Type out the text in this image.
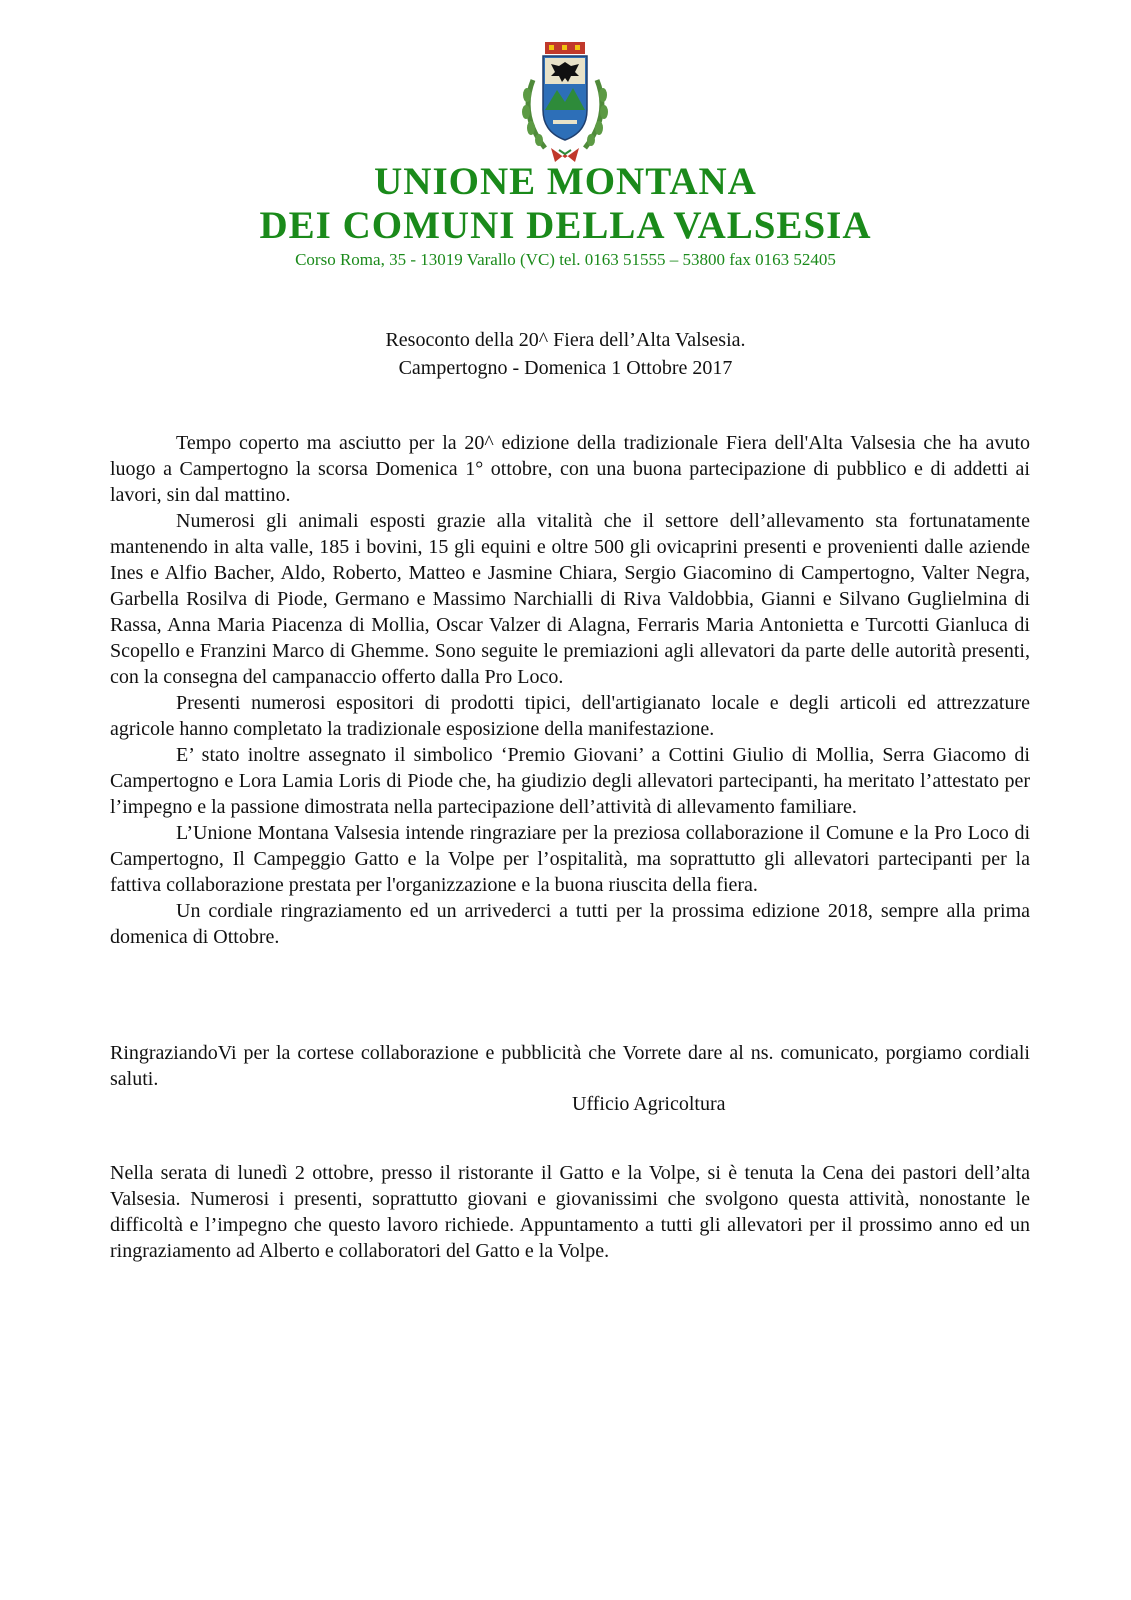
UNIONE MONTANA
DEI COMUNI DELLA VALSESIA
Corso Roma, 35 - 13019 Varallo (VC) tel. 0163 51555 – 53800 fax 0163 52405
Resoconto della 20^ Fiera dell’Alta Valsesia.
Campertogno - Domenica 1 Ottobre 2017

Tempo coperto ma asciutto per la 20^ edizione della tradizionale Fiera dell'Alta Valsesia che ha avuto luogo a Campertogno la scorsa Domenica 1° ottobre, con una buona partecipazione di pubblico e di addetti ai lavori, sin dal mattino.

Numerosi gli animali esposti grazie alla vitalità che il settore dell’allevamento sta fortunatamente mantenendo in alta valle, 185 i bovini, 15 gli equini e oltre 500 gli ovicaprini presenti e provenienti dalle aziende Ines e Alfio Bacher, Aldo, Roberto, Matteo e Jasmine Chiara, Sergio Giacomino di Campertogno, Valter Negra, Garbella Rosilva di Piode, Germano e Massimo Narchialli di Riva Valdobbia, Gianni e Silvano Guglielmina di Rassa, Anna Maria Piacenza di Mollia, Oscar Valzer di Alagna, Ferraris Maria Antonietta e Turcotti Gianluca di Scopello e Franzini Marco di Ghemme. Sono seguite le premiazioni agli allevatori da parte delle autorità presenti, con la consegna del campanaccio offerto dalla Pro Loco.

Presenti numerosi espositori di prodotti tipici, dell'artigianato locale e degli articoli ed attrezzature agricole hanno completato la tradizionale esposizione della manifestazione.

E’ stato inoltre assegnato il simbolico ‘Premio Giovani’ a Cottini Giulio di Mollia, Serra Giacomo di Campertogno e Lora Lamia Loris di Piode che, ha giudizio degli allevatori partecipanti, ha meritato l’attestato per l’impegno e la passione dimostrata nella partecipazione dell’attività di allevamento familiare.

L’Unione Montana Valsesia intende ringraziare per la preziosa collaborazione il Comune e la Pro Loco di Campertogno, Il Campeggio Gatto e la Volpe per l’ospitalità, ma soprattutto gli allevatori partecipanti per la fattiva collaborazione prestata per l'organizzazione e la buona riuscita della fiera.

Un cordiale ringraziamento ed un arrivederci a tutti per la prossima edizione 2018, sempre alla prima domenica di Ottobre.

RingraziandoVi per la cortese collaborazione e pubblicità che Vorrete dare al ns. comunicato, porgiamo cordiali saluti.

Ufficio Agricoltura

Nella serata di lunedì 2 ottobre, presso il ristorante il Gatto e la Volpe, si è tenuta la Cena dei pastori dell’alta Valsesia. Numerosi i presenti, soprattutto giovani e giovanissimi che svolgono questa attività, nonostante le difficoltà e l’impegno che questo lavoro richiede. Appuntamento a tutti gli allevatori per il prossimo anno ed un ringraziamento ad Alberto e collaboratori del Gatto e la Volpe.
